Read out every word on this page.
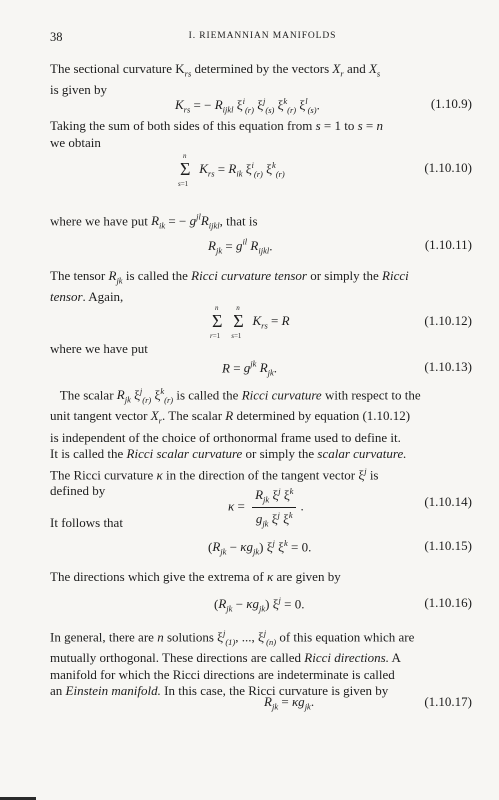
38	I. RIEMANNIAN MANIFOLDS
The sectional curvature $K_{rs}$ determined by the vectors $X_r$ and $X_s$
is given by
$K_{rs}$ = − $R_{ijkl}$ $\xi^i_{(r)}$ $\xi^j_{(s)}$ $\xi^k_{(r)}$ $\xi^l_{(s)}$.	(1.10.9)
Taking the sum of both sides of this equation from s = 1 to s = n
we obtain
n
Σ
s=1
$K_{rs} = R_{ik}$ $\xi^i_{(r)}$ $\xi^k_{(r)}$	(1.10.10)
where we have put $R_{ik}$ = − $g^{jl}R_{ijkl}$, that is
$R_{jk} = g^{il}$ $R_{ijkl}$.	(1.10.11)
The tensor $R_{jk}$ is called the Ricci curvature tensor or simply the Ricci
tensor. Again,
n
Σ
r=1

n
Σ
s=1
$K_{rs} = R$	(1.10.12)
where we have put
$R = g^{jk}$ $R_{jk}$.	(1.10.13)
The scalar $R_{jk}$ $\xi^j_{(r)}$ $\xi^k_{(r)}$ is called the Ricci curvature with respect to the
unit tangent vector $X_r$. The scalar R determined by equation (1.10.12)
is independent of the choice of orthonormal frame used to define it.
It is called the Ricci scalar curvature or simply the scalar curvature.
The Ricci curvature κ in the direction of the tangent vector $\xi^j$ is
defined by
$\kappa = \frac{R_{jk} \xi^j \xi^k}{g_{jk} \xi^j \xi^k}$ .	(1.10.14)
It follows that
$(R_{jk} - \kappa g_{jk})$ $\xi^j$ $\xi^k = 0$.	(1.10.15)
The directions which give the extrema of κ are given by
$(R_{jk} - \kappa g_{jk}) \xi^j = 0$.	(1.10.16)
In general, there are n solutions $\xi^j_{(1)}$, ..., $\xi^j_{(n)}$ of this equation which are
mutually orthogonal. These directions are called Ricci directions. A
manifold for which the Ricci directions are indeterminate is called
an Einstein manifold. In this case, the Ricci curvature is given by
$R_{jk} = \kappa g_{jk}$.	(1.10.17)
